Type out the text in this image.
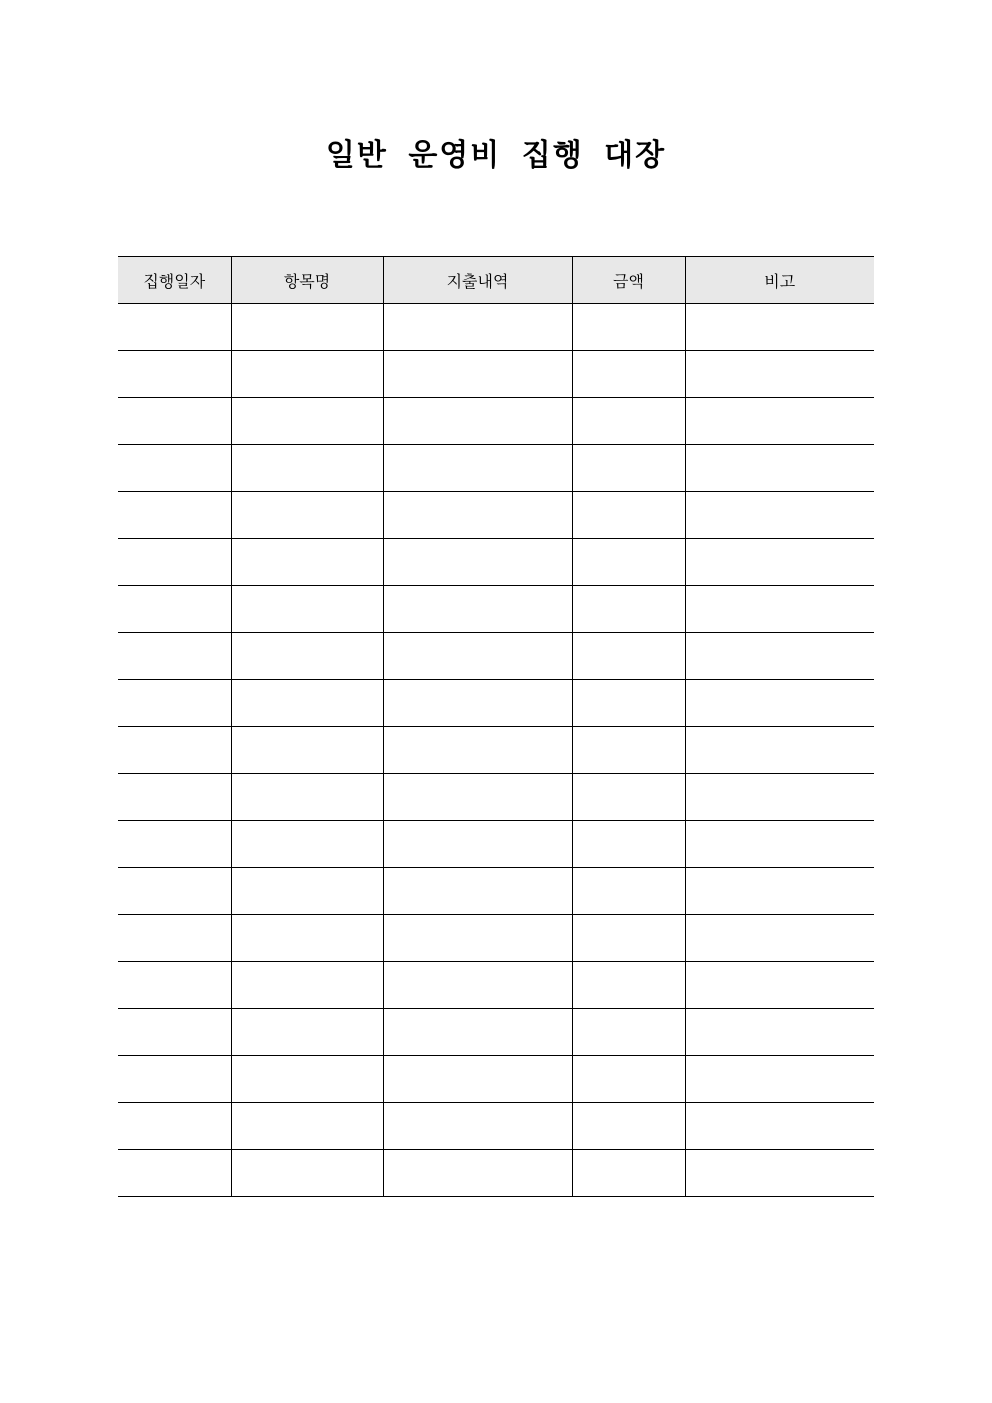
일반 운영비 집행 대장
집행일자	항목명	지출내역	금액	비고
